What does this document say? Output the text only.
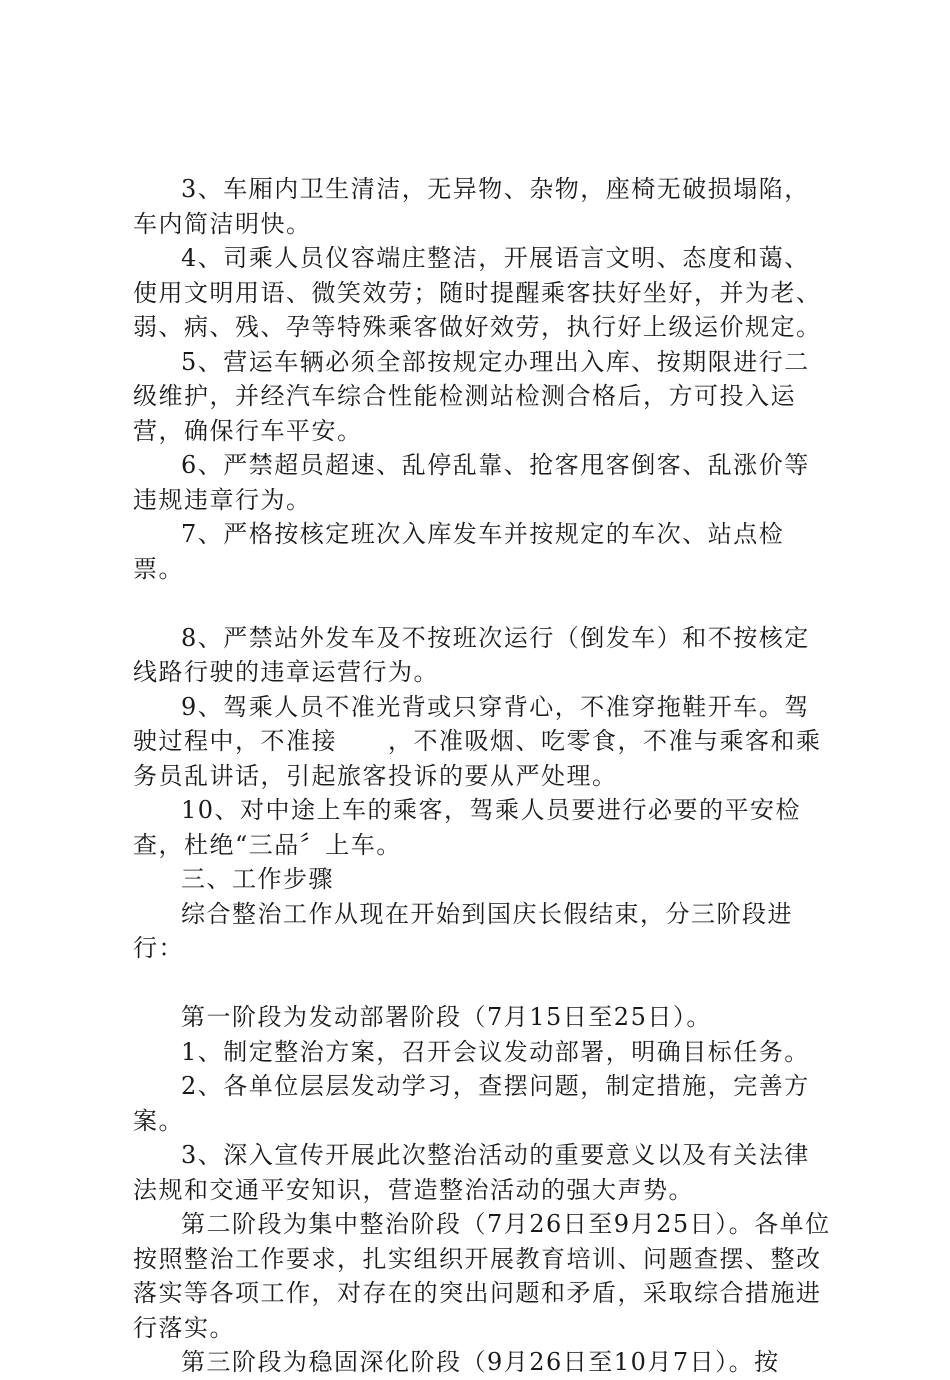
3、车厢内卫生清洁，无异物、杂物，座椅无破损塌陷，车内简洁明快。

4、司乘人员仪容端庄整洁，开展语言文明、态度和蔼、使用文明用语、微笑效劳；随时提醒乘客扶好坐好，并为老、弱、病、残、孕等特殊乘客做好效劳，执行好上级运价规定。

5、营运车辆必须全部按规定办理出入库、按期限进行二级维护，并经汽车综合性能检测站检测合格后，方可投入运营，确保行车平安。

6、严禁超员超速、乱停乱靠、抢客甩客倒客、乱涨价等违规违章行为。

7、严格按核定班次入库发车并按规定的车次、站点检票。

8、严禁站外发车及不按班次运行（倒发车）和不按核定线路行驶的违章运营行为。

9、驾乘人员不准光背或只穿背心，不准穿拖鞋开车。驾驶过程中，不准接　　，不准吸烟、吃零食，不准与乘客和乘务员乱讲话，引起旅客投诉的要从严处理。

10、对中途上车的乘客，驾乘人员要进行必要的平安检查，杜绝“三品〞上车。

三、工作步骤

综合整治工作从现在开始到国庆长假结束，分三阶段进行：

第一阶段为发动部署阶段（7月15日至25日）。

1、制定整治方案，召开会议发动部署，明确目标任务。

2、各单位层层发动学习，查摆问题，制定措施，完善方案。

3、深入宣传开展此次整治活动的重要意义以及有关法律法规和交通平安知识，营造整治活动的强大声势。

第二阶段为集中整治阶段（7月26日至9月25日）。各单位按照整治工作要求，扎实组织开展教育培训、问题查摆、整改落实等各项工作，对存在的突出问题和矛盾，采取综合措施进行落实。

第三阶段为稳固深化阶段（9月26日至10月7日）。按
